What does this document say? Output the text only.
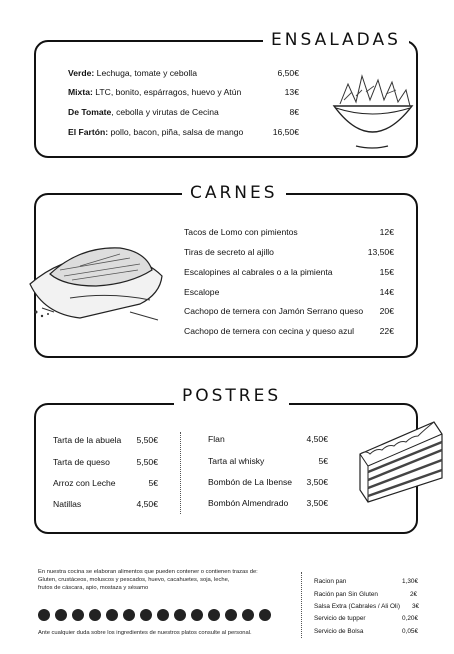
ENSALADAS
Verde: Lechuga, tomate y cebolla	6,50€
Mixta: LTC, bonito, espárragos, huevo y Atún	13€
De Tomate, cebolla y virutas de Cecina	8€
El Fartón: pollo, bacon, piña, salsa de mango	16,50€
CARNES
Tacos de Lomo con pimientos	12€
Tiras de secreto al ajillo	13,50€
Escalopines al cabrales o a la pimienta	15€
Escalope	14€
Cachopo de ternera con Jamón Serrano queso 20€
Cachopo de ternera con cecina y queso azul	22€
POSTRES
Tarta de la abuela 5,50€
Tarta de queso	5,50€
Arroz con Leche	5€
Natillas	4,50€
Flan	4,50€
Tarta al whisky	5€
Bombón de La Ibense 3,50€
Bombón Almendrado 3,50€
En nuestra cocina se elaboran alimentos que pueden contener o contienen trazas de:
Gluten, crustáceos, moluscos y pescados, huevo, cacahuetes, soja, leche,
frutos de cáscara, apio, mostaza y sésamo
Ante cualquier duda sobre los ingredientes de nuestros platos consulte al personal.
Racion pan	1,30€
Ración pan Sin Gluten	2€
Salsa Extra (Cabrales / Ali Oli) 3€
Servicio de tupper	0,20€
Servicio de Bolsa	0,05€
